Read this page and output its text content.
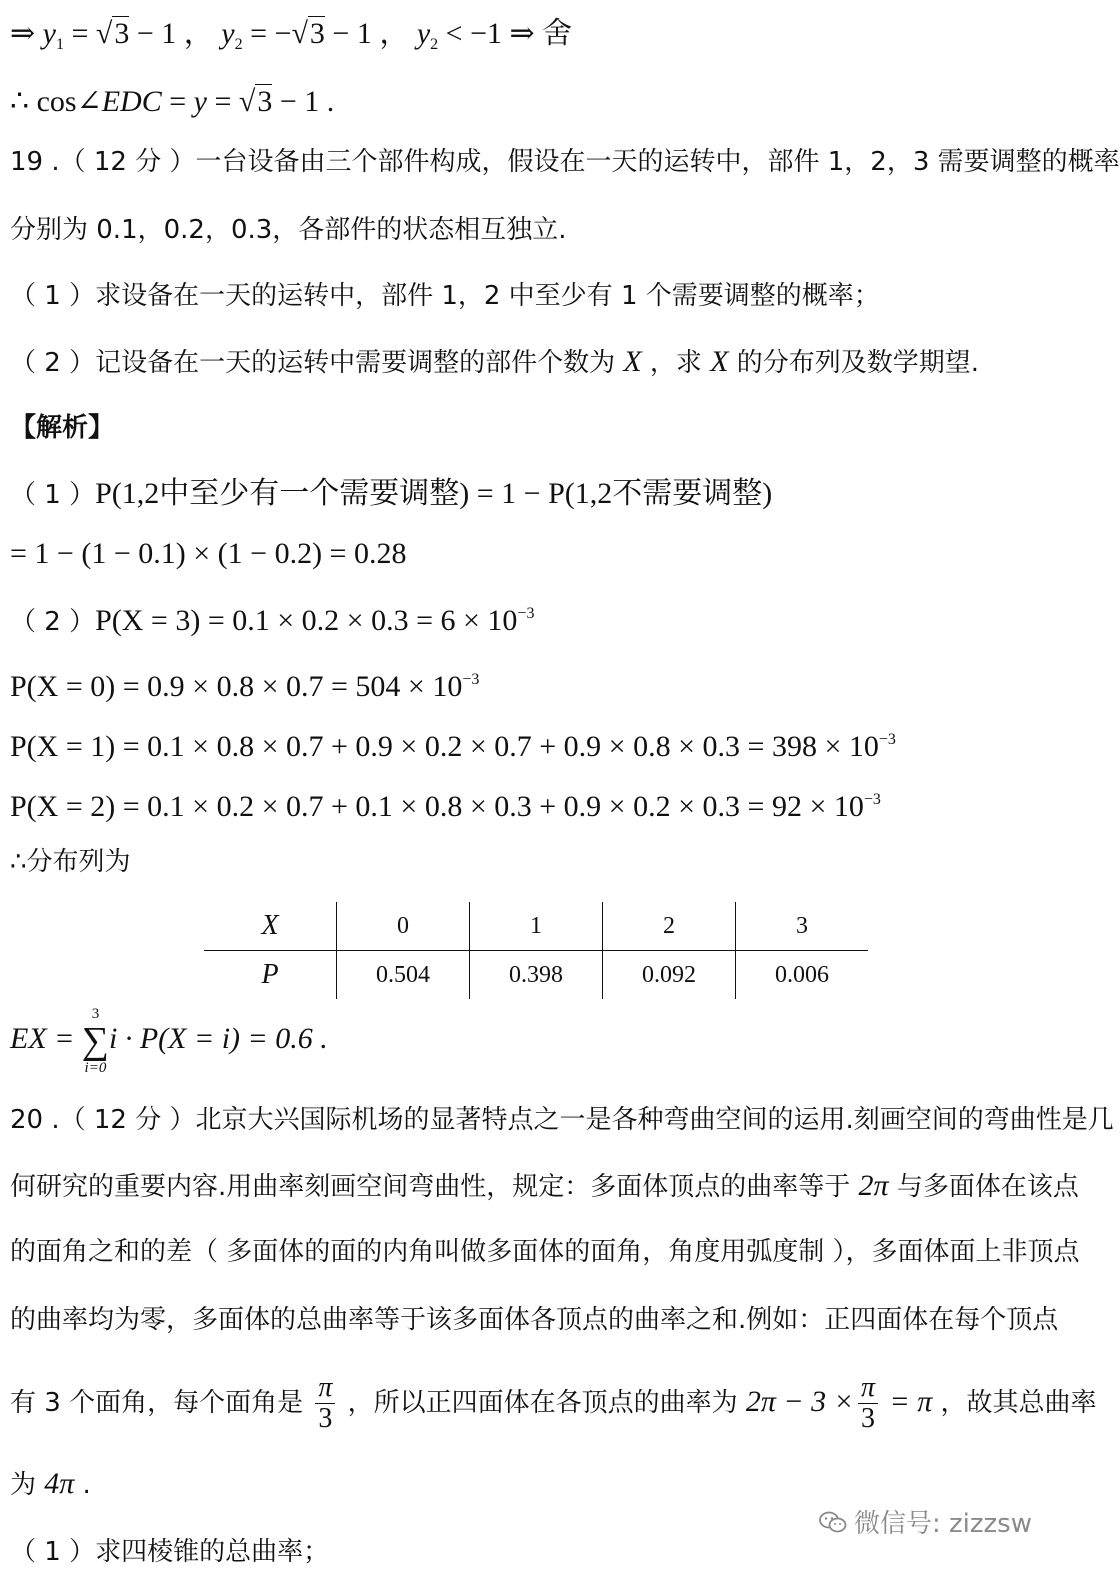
⇒ $y_1 = √3 - 1$ ， $y_2 = -√3 - 1$ ， $y_2 < -1$ ⇒ 舍
∴ cos∠EDC = y = √3 − 1 .
19 .（ 12 分 ）一台设备由三个部件构成，假设在一天的运转中，部件 1，2，3 需要调整的概率
分别为 0.1，0.2，0.3，各部件的状态相互独立.
（ 1 ）求设备在一天的运转中，部件 1，2 中至少有 1 个需要调整的概率；
（ 2 ）记设备在一天的运转中需要调整的部件个数为 X ，求 X 的分布列及数学期望.
【解析】
（ 1 ）P(1,2中至少有一个需要调整) = 1 − P(1,2不需要调整)
= 1 − (1 − 0.1) × (1 − 0.2) = 0.28
（ 2 ）$P(X = 3) = 0.1 \times 0.2 \times 0.3 = 6 \times 10^{-3}$
$P(X = 0) = 0.9 \times 0.8 \times 0.7 = 504 \times 10^{-3}$
$P(X = 1) = 0.1 \times 0.8 \times 0.7 + 0.9 \times 0.2 \times 0.7 + 0.9 \times 0.8 \times 0.3 = 398 \times 10^{-3}$
$P(X = 2) = 0.1 \times 0.2 \times 0.7 + 0.1 \times 0.8 \times 0.3 + 0.9 \times 0.2 \times 0.3 = 92 \times 10^{-3}$
∴分布列为
X	0	1	2	3
P	0.504	0.398	0.092	0.006
EX =
3
∑
i=0
i · P(X = i) = 0.6 .
20 .（ 12 分 ）北京大兴国际机场的显著特点之一是各种弯曲空间的运用.刻画空间的弯曲性是几
何研究的重要内容.用曲率刻画空间弯曲性，规定：多面体顶点的曲率等于 2π 与多面体在该点
的面角之和的差（ 多面体的面的内角叫做多面体的面角，角度用弧度制 ），多面体面上非顶点
的曲率均为零，多面体的总曲率等于该多面体各顶点的曲率之和.例如：正四面体在每个顶点
有 3 个面角，每个面角是 $\frac{\pi}{3}$ ，所以正四面体在各顶点的曲率为 $2\pi - 3 \times \frac{\pi}{3} = \pi$ ，故其总曲率
为 4π .
（ 1 ）求四棱锥的总曲率；
微信号: zizzsw
